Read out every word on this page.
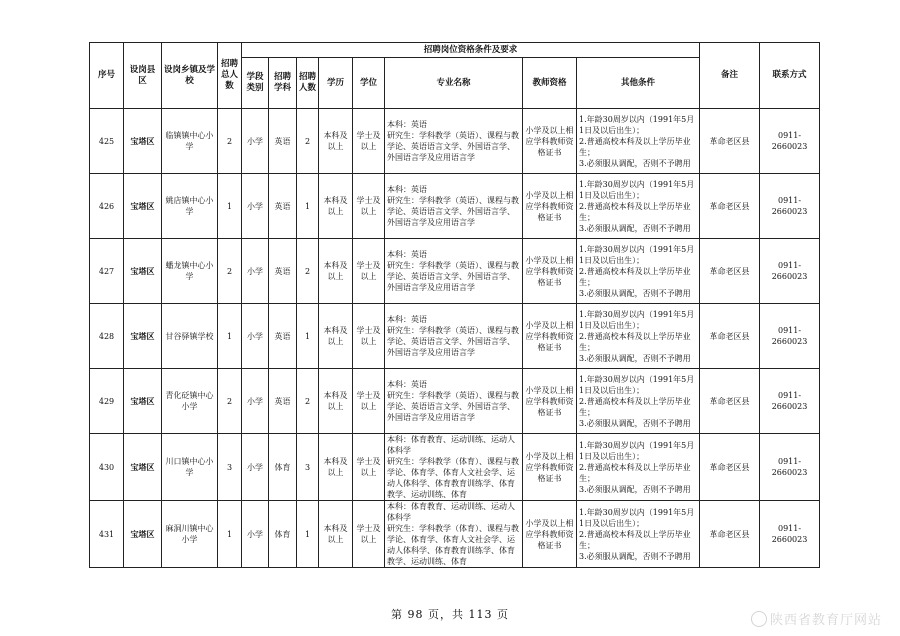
序号	设岗县区	设岗乡镇及学校	招聘总人数	招聘岗位资格条件及要求								备注	联系方式
				学段类别	招聘学科	招聘人数	学历	学位	专业名称	教师资格	其他条件		
425	宝塔区	临镇镇中心小学	2	小学	英语	2	本科及以上	学士及以上	本科：英语
研究生：学科教学（英语）、课程与教学论、英语语言文学、外国语言学、外国语言学及应用语言学	小学及以上相应学科教师资格证书	1.年龄30周岁以内（1991年5月1日及以后出生）；
2.普通高校本科及以上学历毕业生；
3.必须服从调配，否则不予聘用	革命老区县	0911-2660023
426	宝塔区	姚店镇中心小学	1	小学	英语	1	本科及以上	学士及以上	本科：英语
研究生：学科教学（英语）、课程与教学论、英语语言文学、外国语言学、外国语言学及应用语言学	小学及以上相应学科教师资格证书	1.年龄30周岁以内（1991年5月1日及以后出生）；
2.普通高校本科及以上学历毕业生；
3.必须服从调配，否则不予聘用	革命老区县	0911-2660023
427	宝塔区	蟠龙镇中心小学	2	小学	英语	2	本科及以上	学士及以上	本科：英语
研究生：学科教学（英语）、课程与教学论、英语语言文学、外国语言学、外国语言学及应用语言学	小学及以上相应学科教师资格证书	1.年龄30周岁以内（1991年5月1日及以后出生）；
2.普通高校本科及以上学历毕业生；
3.必须服从调配，否则不予聘用	革命老区县	0911-2660023
428	宝塔区	甘谷驿镇学校	1	小学	英语	1	本科及以上	学士及以上	本科：英语
研究生：学科教学（英语）、课程与教学论、英语语言文学、外国语言学、外国语言学及应用语言学	小学及以上相应学科教师资格证书	1.年龄30周岁以内（1991年5月1日及以后出生）；
2.普通高校本科及以上学历毕业生；
3.必须服从调配，否则不予聘用	革命老区县	0911-2660023
429	宝塔区	青化砭镇中心小学	2	小学	英语	2	本科及以上	学士及以上	本科：英语
研究生：学科教学（英语）、课程与教学论、英语语言文学、外国语言学、外国语言学及应用语言学	小学及以上相应学科教师资格证书	1.年龄30周岁以内（1991年5月1日及以后出生）；
2.普通高校本科及以上学历毕业生；
3.必须服从调配，否则不予聘用	革命老区县	0911-2660023
430	宝塔区	川口镇中心小学	3	小学	体育	3	本科及以上	学士及以上	本科：体育教育、运动训练、运动人体科学
研究生：学科教学（体育）、课程与教学论、体育学、体育人文社会学、运动人体科学、体育教育训练学、体育教学、运动训练、体育	小学及以上相应学科教师资格证书	1.年龄30周岁以内（1991年5月1日及以后出生）；
2.普通高校本科及以上学历毕业生；
3.必须服从调配，否则不予聘用	革命老区县	0911-2660023
431	宝塔区	麻洞川镇中心小学	1	小学	体育	1	本科及以上	学士及以上	本科：体育教育、运动训练、运动人体科学
研究生：学科教学（体育）、课程与教学论、体育学、体育人文社会学、运动人体科学、体育教育训练学、体育教学、运动训练、体育	小学及以上相应学科教师资格证书	1.年龄30周岁以内（1991年5月1日及以后出生）；
2.普通高校本科及以上学历毕业生；
3.必须服从调配，否则不予聘用	革命老区县	0911-2660023
第 98 页，共 113 页	陕西省教育厅网站
